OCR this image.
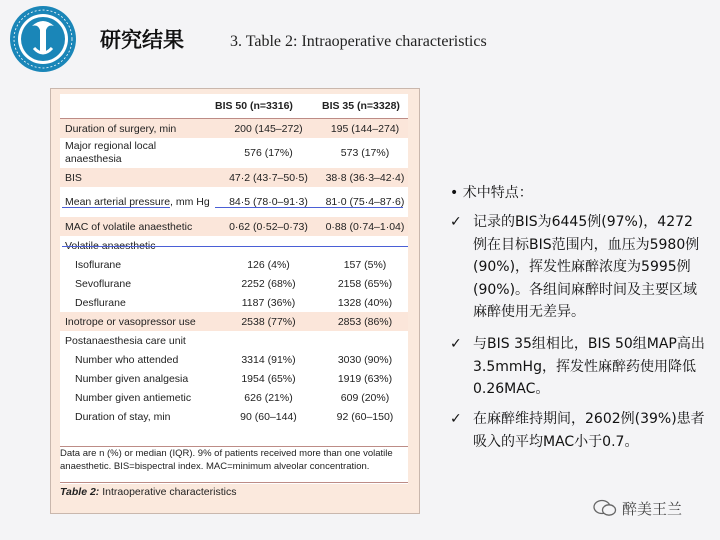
研究结果	3. Table 2: Intraoperative characteristics
	BIS 50 (n=3316)	BIS 35 (n=3328)
Duration of surgery, min	200 (145–272)	195 (144–274)
Major regional local anaesthesia	576 (17%)	573 (17%)
BIS	47·2 (43·7–50·5)	38·8 (36·3–42·4)
Mean arterial pressure, mm Hg	84·5 (78·0–91·3)	81·0 (75·4–87·6)
MAC of volatile anaesthetic	0·62 (0·52–0·73)	0·88 (0·74–1·04)
Volatile anaesthetic		
Isoflurane	126 (4%)	157 (5%)
Sevoflurane	2252 (68%)	2158 (65%)
Desflurane	1187 (36%)	1328 (40%)
Inotrope or vasopressor use	2538 (77%)	2853 (86%)
Postanaesthesia care unit		
Number who attended	3314 (91%)	3030 (90%)
Number given analgesia	1954 (65%)	1919 (63%)
Number given antiemetic	626 (21%)	609 (20%)
Duration of stay, min	90 (60–144)	92 (60–150)
Data are n (%) or median (IQR). 9% of patients received more than one volatile anaesthetic. BIS=bispectral index. MAC=minimum alveolar concentration.
Table 2: Intraoperative characteristics
• 术中特点：
✓ 记录的BIS为6445例(97%)，4272例在目标BIS范围内，血压为5980例(90%)，挥发性麻醉浓度为5995例(90%)。各组间麻醉时间及主要区域麻醉使用无差异。
✓ 与BIS 35组相比，BIS 50组MAP高出3.5mmHg，挥发性麻醉药使用降低0.26MAC。
✓ 在麻醉维持期间，2602例(39%)患者吸入的平均MAC小于0.7。
醉美王兰
